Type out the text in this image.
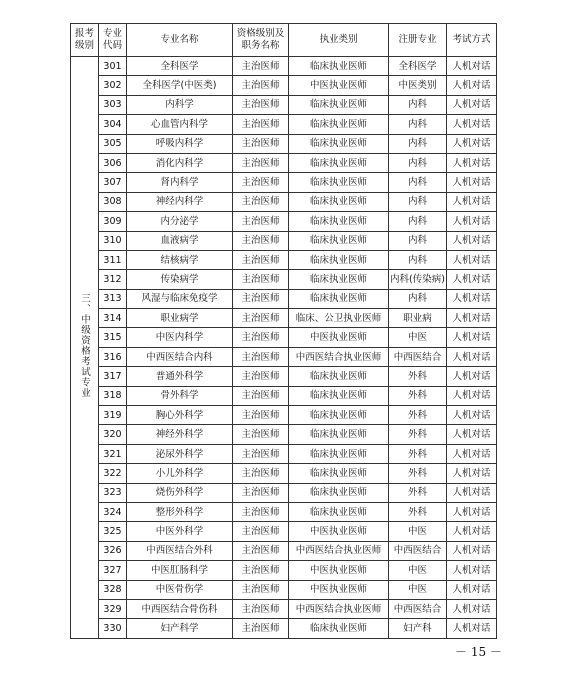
报考级别	专业代码	专业名称	资格级别及职务名称	执业类别	注册专业	考试方式
三、中级资格考试专业	301	全科医学	主治医师	临床执业医师	全科医学	人机对话
	302	全科医学(中医类)	主治医师	中医执业医师	中医类别	人机对话
	303	内科学	主治医师	临床执业医师	内科	人机对话
	304	心血管内科学	主治医师	临床执业医师	内科	人机对话
	305	呼吸内科学	主治医师	临床执业医师	内科	人机对话
	306	消化内科学	主治医师	临床执业医师	内科	人机对话
	307	肾内科学	主治医师	临床执业医师	内科	人机对话
	308	神经内科学	主治医师	临床执业医师	内科	人机对话
	309	内分泌学	主治医师	临床执业医师	内科	人机对话
	310	血液病学	主治医师	临床执业医师	内科	人机对话
	311	结核病学	主治医师	临床执业医师	内科	人机对话
	312	传染病学	主治医师	临床执业医师	内科(传染病)	人机对话
	313	风湿与临床免疫学	主治医师	临床执业医师	内科	人机对话
	314	职业病学	主治医师	临床、公卫执业医师	职业病	人机对话
	315	中医内科学	主治医师	中医执业医师	中医	人机对话
	316	中西医结合内科	主治医师	中西医结合执业医师	中西医结合	人机对话
	317	普通外科学	主治医师	临床执业医师	外科	人机对话
	318	骨外科学	主治医师	临床执业医师	外科	人机对话
	319	胸心外科学	主治医师	临床执业医师	外科	人机对话
	320	神经外科学	主治医师	临床执业医师	外科	人机对话
	321	泌尿外科学	主治医师	临床执业医师	外科	人机对话
	322	小儿外科学	主治医师	临床执业医师	外科	人机对话
	323	烧伤外科学	主治医师	临床执业医师	外科	人机对话
	324	整形外科学	主治医师	临床执业医师	外科	人机对话
	325	中医外科学	主治医师	中医执业医师	中医	人机对话
	326	中西医结合外科	主治医师	中西医结合执业医师	中西医结合	人机对话
	327	中医肛肠科学	主治医师	中医执业医师	中医	人机对话
	328	中医骨伤学	主治医师	中医执业医师	中医	人机对话
	329	中西医结合骨伤科	主治医师	中西医结合执业医师	中西医结合	人机对话
	330	妇产科学	主治医师	临床执业医师	妇产科	人机对话
－ 15 －
